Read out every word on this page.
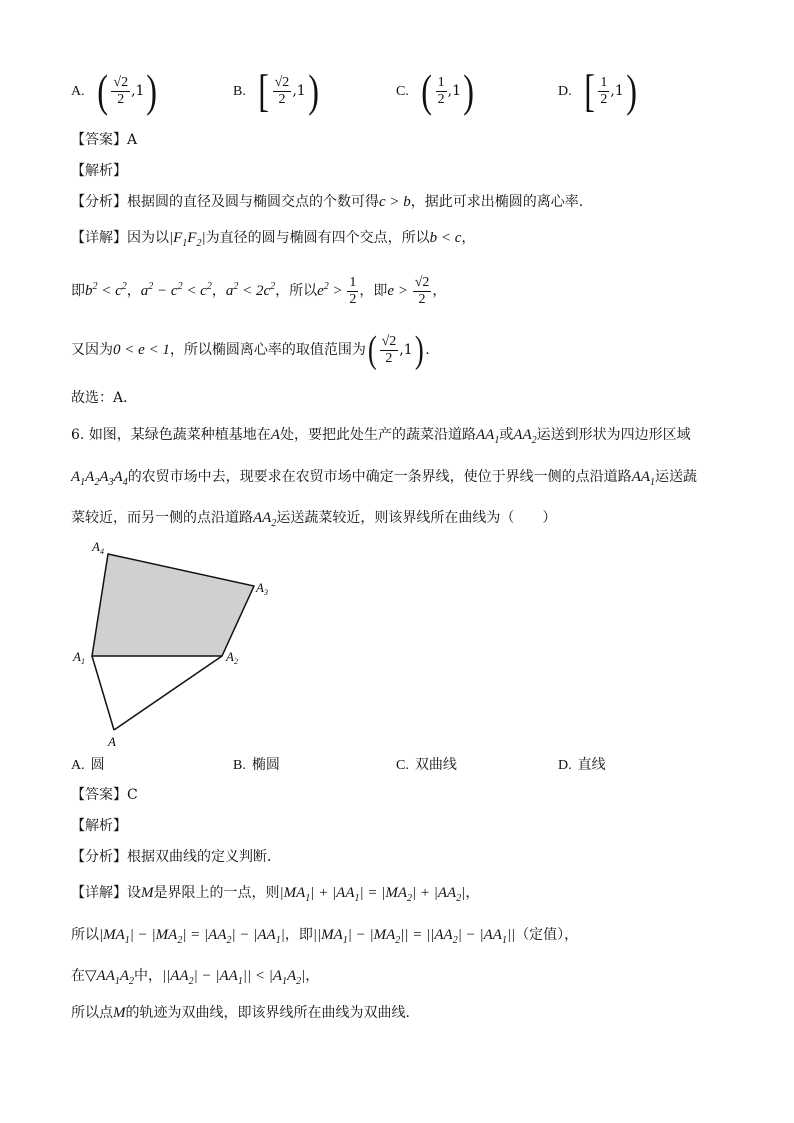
A. ( $\frac{√2}{2} ,1$)	B. [ $\frac{√2}{2} ,1$)	C. ( $\frac{1}{2} ,1$)	D. [ $\frac{1}{2} ,1$)
【答案】A
【解析】
【分析】根据圆的直径及圆与椭圆交点的个数可得c > b，据此可求出椭圆的离心率.
【详解】因为以$|F_1F_2|$为直径的圆与椭圆有四个交点，所以b < c，
即$b^2 < c^2$，$a^2 - c^2 < c^2$，$a^2 < 2c^2$，所以$e^2 > \frac{1}{2}$ ，即$e > \frac{√2}{2}$ ，
又因为0 < e < 1，所以椭圆离心率的取值范围为( $\frac{√2}{2} ,1$) .
故选：A．
6. 如图，某绿色蔬菜种植基地在A处，要把此处生产的蔬菜沿道路$AA_1$或$AA_2$运送到形状为四边形区域
$A_1A_2A_3A_4$的农贸市场中去，现要求在农贸市场中确定一条界线，使位于界线一侧的点沿道路$AA_1$运送蔬
菜较近，而另一侧的点沿道路$AA_2$运送蔬菜较近，则该界线所在曲线为（　　）
$A_4$
$A_3$
$A_1$	$A_2$
A
A. 圆	B. 椭圆	C. 双曲线	D. 直线
【答案】C
【解析】
【分析】根据双曲线的定义判断．
【详解】设M是界限上的一点，则$|MA_1| + |AA_1| = |MA_2| + |AA_2|$，
所以$|MA_1| - |MA_2| = |AA_2| - |AA_1|$，即$||MA_1| - |MA_2|| = ||AA_2| - |AA_1||$（定值），
在$▽AA_1A_2$中，$||AA_2| - |AA_1|| < |A_1A_2|$，
所以点M的轨迹为双曲线，即该界线所在曲线为双曲线．
